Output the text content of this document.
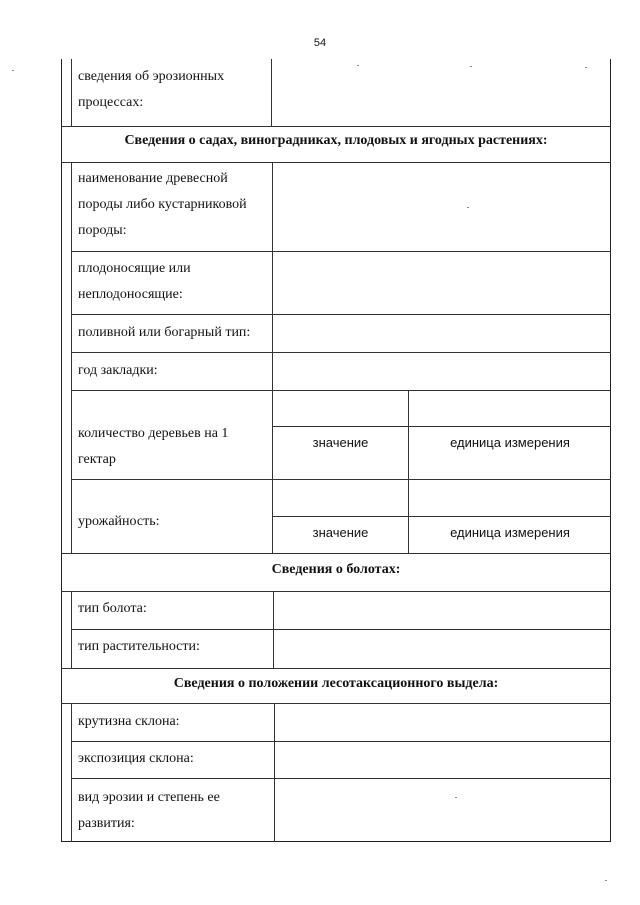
54
сведения об эрозионных процессах:
Сведения о садах, виноградниках, плодовых и ягодных растениях:
наименование древесной породы либо кустарниковой породы:
плодоносящие или неплодоносящие:
поливной или богарный тип:
год закладки:
количество деревьев на 1 гектар
урожайность:
значение	единица измерения
значение	единица измерения
Сведения о болотах:
тип болота:
тип растительности:
Сведения о положении лесотаксационного выдела:
крутизна склона:
экспозиция склона:
вид эрозии и степень ее развития:
